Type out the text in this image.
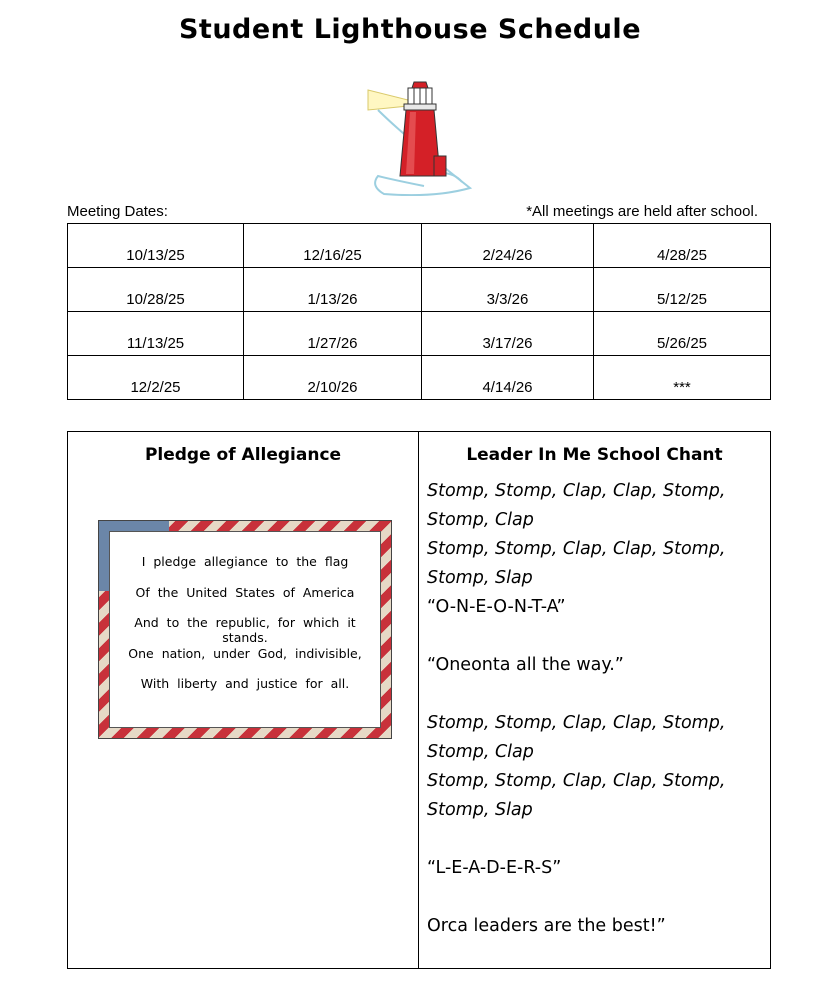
Student Lighthouse Schedule
Meeting Dates:	*All meetings are held after school.
10/13/25	12/16/25	2/24/26	4/28/25
10/28/25	1/13/26	3/3/26	5/12/25
11/13/25	1/27/26	3/17/26	5/26/25
12/2/25	2/10/26	4/14/26	***
Pledge of Allegiance
I pledge allegiance to the flag
Of the United States of America
And to the republic, for which it stands.
One nation, under God, indivisible,
With liberty and justice for all.
Leader In Me School Chant
Stomp, Stomp, Clap, Clap, Stomp,
Stomp, Clap
Stomp, Stomp, Clap, Clap, Stomp,
Stomp, Slap
“O-N-E-O-N-T-A”
“Oneonta all the way.”
Stomp, Stomp, Clap, Clap, Stomp,
Stomp, Clap
Stomp, Stomp, Clap, Clap, Stomp,
Stomp, Slap
“L-E-A-D-E-R-S”
Orca leaders are the best!”
